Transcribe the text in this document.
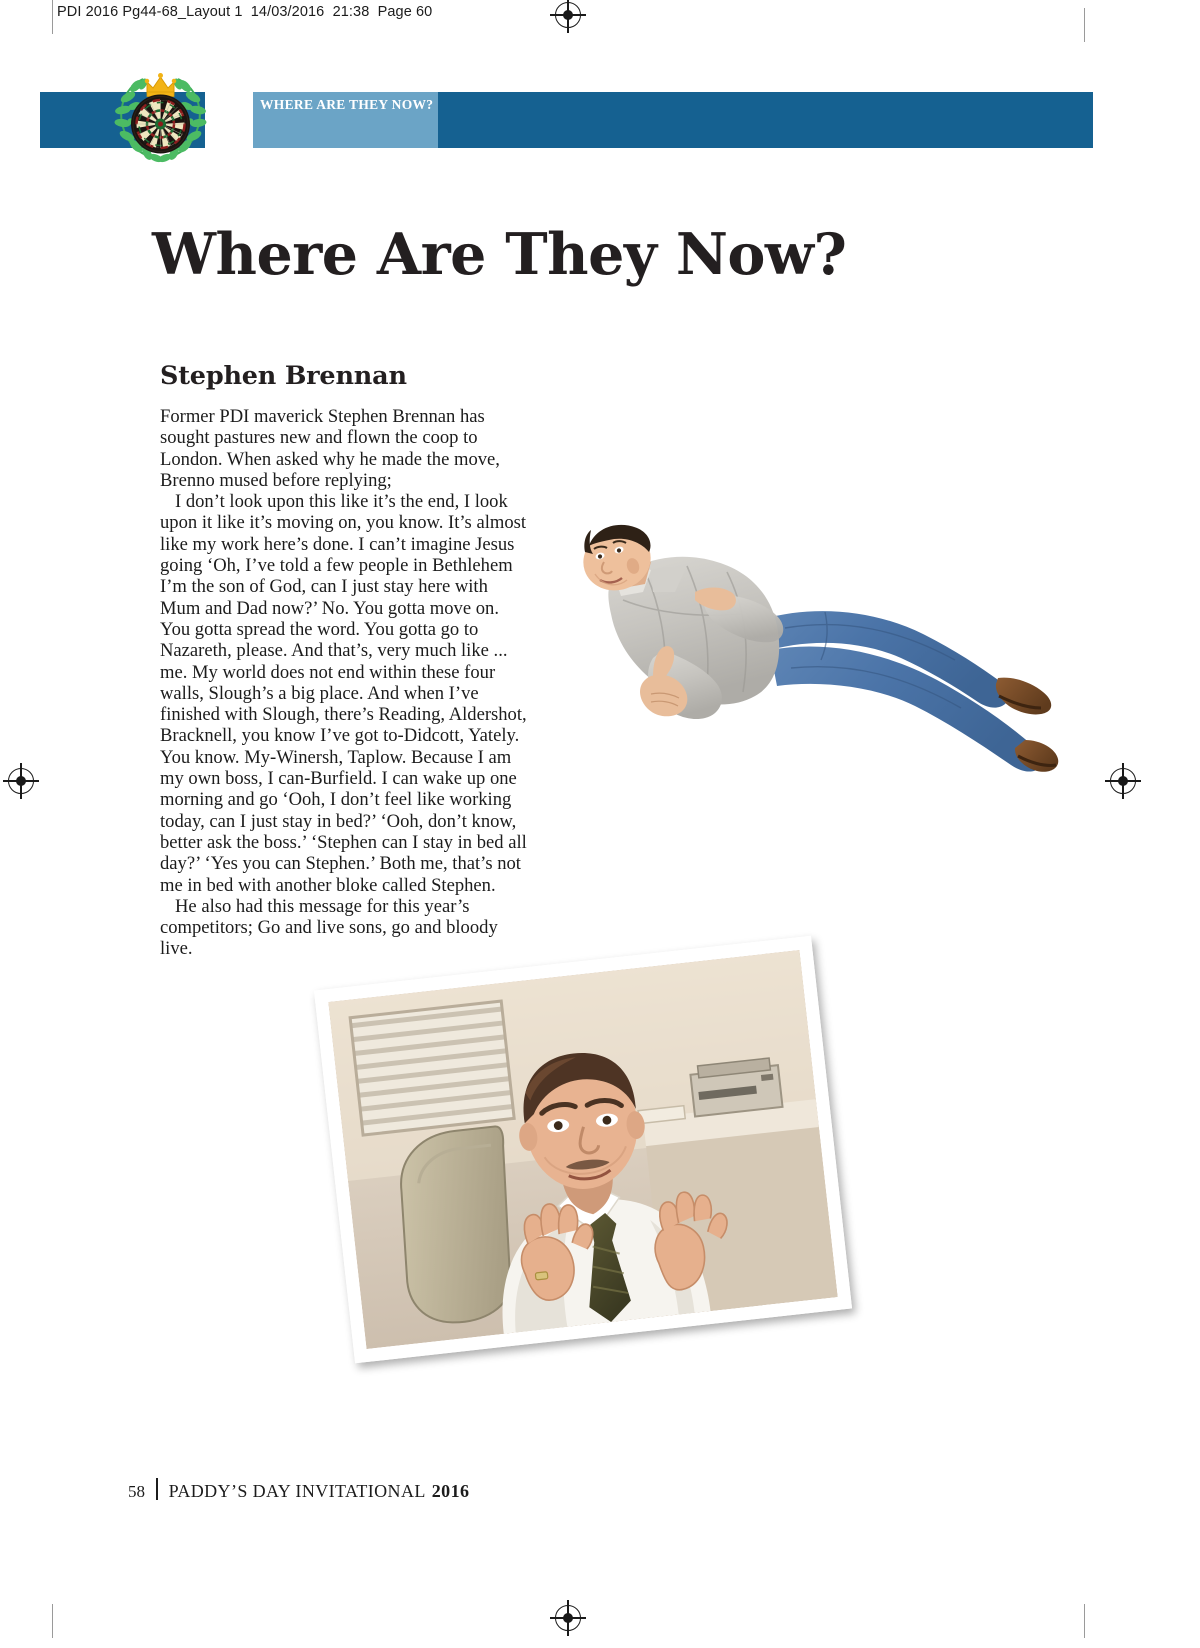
PDI 2016 Pg44-68_Layout 1  14/03/2016  21:38  Page 60
WHERE ARE THEY NOW?
Where Are They Now?
Stephen Brennan

Former PDI maverick Stephen Brennan has sought pastures new and flown the coop to London. When asked why he made the move, Brenno mused before replying;

I don’t look upon this like it’s the end, I look upon it like it’s moving on, you know. It’s almost like my work here’s done. I can’t imagine Jesus going ‘Oh, I’ve told a few people in Bethlehem I’m the son of God, can I just stay here with Mum and Dad now?’ No. You gotta move on. You gotta spread the word. You gotta go to Nazareth, please. And that’s, very much like ... me. My world does not end within these four walls, Slough’s a big place. And when I’ve finished with Slough, there’s Reading, Aldershot, Bracknell, you know I’ve got to-Didcott, Yately. You know. My-Winersh, Taplow. Because I am my own boss, I can-Burfield. I can wake up one morning and go ‘Ooh, I don’t feel like working today, can I just stay in bed?’ ‘Ooh, don’t know, better ask the boss.’ ‘Stephen can I stay in bed all day?’ ‘Yes you can Stephen.’ Both me, that’s not me in bed with another bloke called Stephen.

He also had this message for this year’s competitors; Go and live sons, go and bloody live.

58 PADDY’S DAY INVITATIONAL 2016
